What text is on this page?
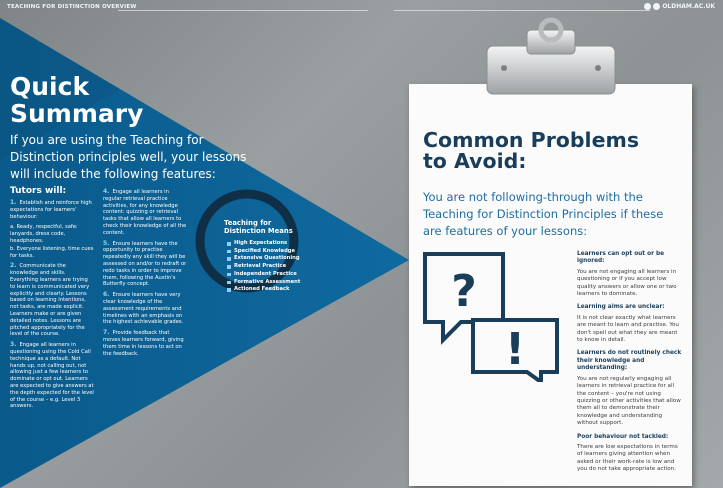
TEACHING FOR DISTINCTION OVERVIEW	OLDHAM.AC.UK
Quick
Summary
If you are using the Teaching for Distinction principles well, your lessons will include the following features:
Tutors will:

1. Establish and reinforce high expectations for learners' behaviour:

a. Ready, respectful, safe: lanyards, dress code, headphones.

b. Everyone listening, time cues for tasks.

2. Communicate the knowledge and skills. Everything learners are trying to learn is communicated very explicitly and clearly. Lessons based on learning intentions, not tasks, are made explicit. Learners make or are given detailed notes. Lessons are pitched appropriately for the level of the course.

3. Engage all learners in questioning using the Cold Call technique as a default. Not hands up, not calling out, not allowing just a few learners to dominate or opt out. Learners are expected to give answers at the depth expected for the level of the course – e.g. Level 3 answers.

4. Engage all learners in regular retrieval practice activities, for any knowledge content: quizzing or retrieval tasks that allow all learners to check their knowledge of all the content.

5. Ensure learners have the opportunity to practise repeatedly any skill they will be assessed on and/or to redraft or redo tasks in order to improve them, following the Austin's Butterfly concept.

6. Ensure learners have very clear knowledge of the assessment requirements and timelines with an emphasis on the highest achievable grades.

7. Provide feedback that moves learners forward, giving them time in lessons to act on the feedback.

Teaching for
Distinction Means
High Expectations
Specified Knowledge
Extensive Questioning
Retrieval Practice
Independent Practice
Formative Assessment
Actioned Feedback
Common Problems
to Avoid:
You are not following-through with the Teaching for Distinction Principles if these are features of your lessons:
?
!
Learners can opt out or be ignored:

You are not engaging all learners in questioning or if you accept low quality answers or allow one or two learners to dominate.

Learning aims are unclear:

It is not clear exactly what learners are meant to learn and practise. You don't spell out what they are meant to know in detail.

Learners do not routinely check their knowledge and understanding:

You are not regularly engaging all learners in retrieval practice for all the content – you're not using quizzing or other activities that allow them all to demonstrate their knowledge and understanding without support.

Poor behaviour not tackled:

There are low expectations in terms of learners giving attention when asked or their work-rate is low and you do not take appropriate action.
